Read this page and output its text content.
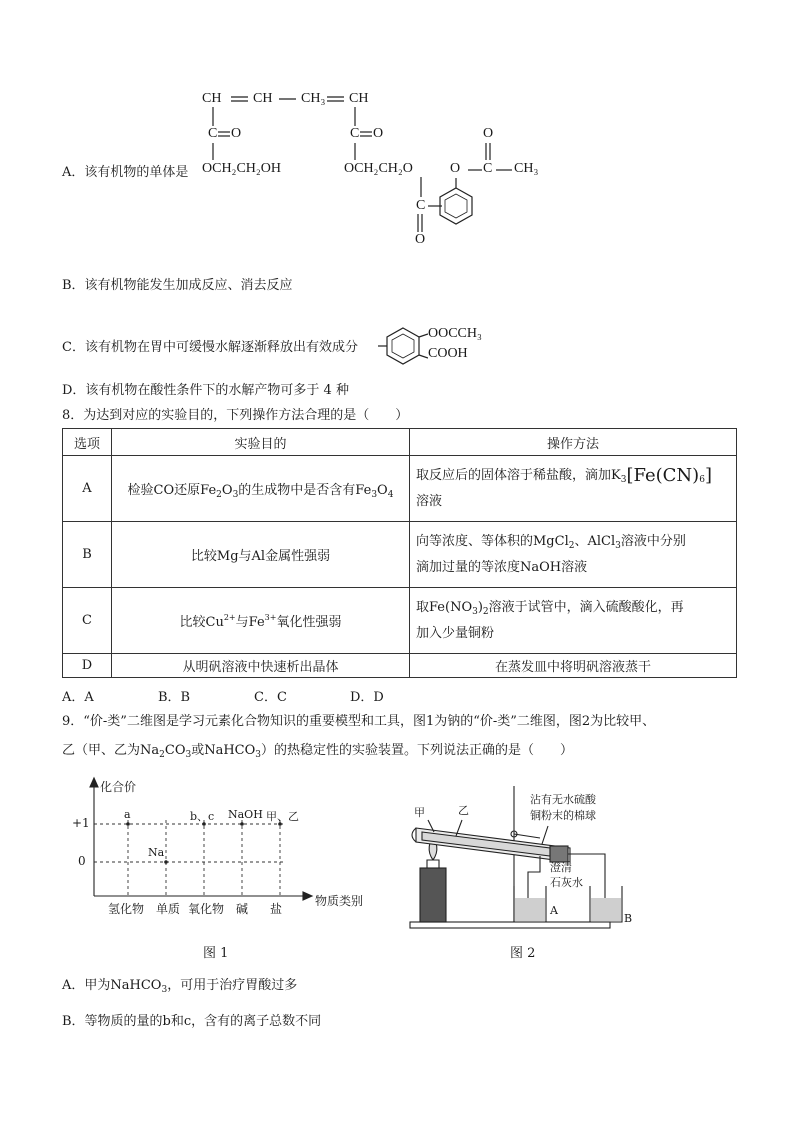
CH CH CH₃ CH
C O	C O
A．该有机物的单体是 OCH₂CH₂OH	OCH₂CH₂O	O C
O
CH₃
C
O
B．该有机物能发生加成反应、消去反应
C．该有机物在胃中可缓慢水解逐渐释放出有效成分
OOCCH₃
COOH
D．该有机物在酸性条件下的水解产物可多于 4 种
8．为达到对应的实验目的，下列操作方法合理的是（　　）
选项	实验目的	操作方法
A	检验CO还原$Fe_2O_3$的生成物中是否含有$Fe_3O_4$	取反应后的固体溶于稀盐酸，滴加$K_3[Fe(CN)_6]$
溶液
B	比较Mg与Al金属性强弱	向等浓度、等体积的MgCl$_2$、AlCl$_3$溶液中分别
滴加过量的等浓度NaOH溶液
C	比较$Cu^{2+}$与$Fe^{3+}$氧化性强弱	取$Fe(NO_3)_2$溶液于试管中，滴入硫酸酸化，再
加入少量铜粉
D	从明矾溶液中快速析出晶体	在蒸发皿中将明矾溶液蒸干
A．A	B．B	C．C	D．D
9．“价-类”二维图是学习元素化合物知识的重要模型和工具，图1为钠的“价-类”二维图，图2为比较甲、
乙（甲、乙为$Na_2CO_3$或NaHCO$_3$）的热稳定性的实验装置。下列说法正确的是（　　）
化合价
物质类别
+1
0
氢化物 单质 氧化物 碱 盐
a
Na
b、c NaOH 甲、乙
图 1
甲	乙
沾有无水硫酸
铜粉末的棉球
澄清
石灰水
A
B
图 2
A．甲为NaHCO$_3$，可用于治疗胃酸过多
B．等物质的量的b和c，含有的离子总数不同
